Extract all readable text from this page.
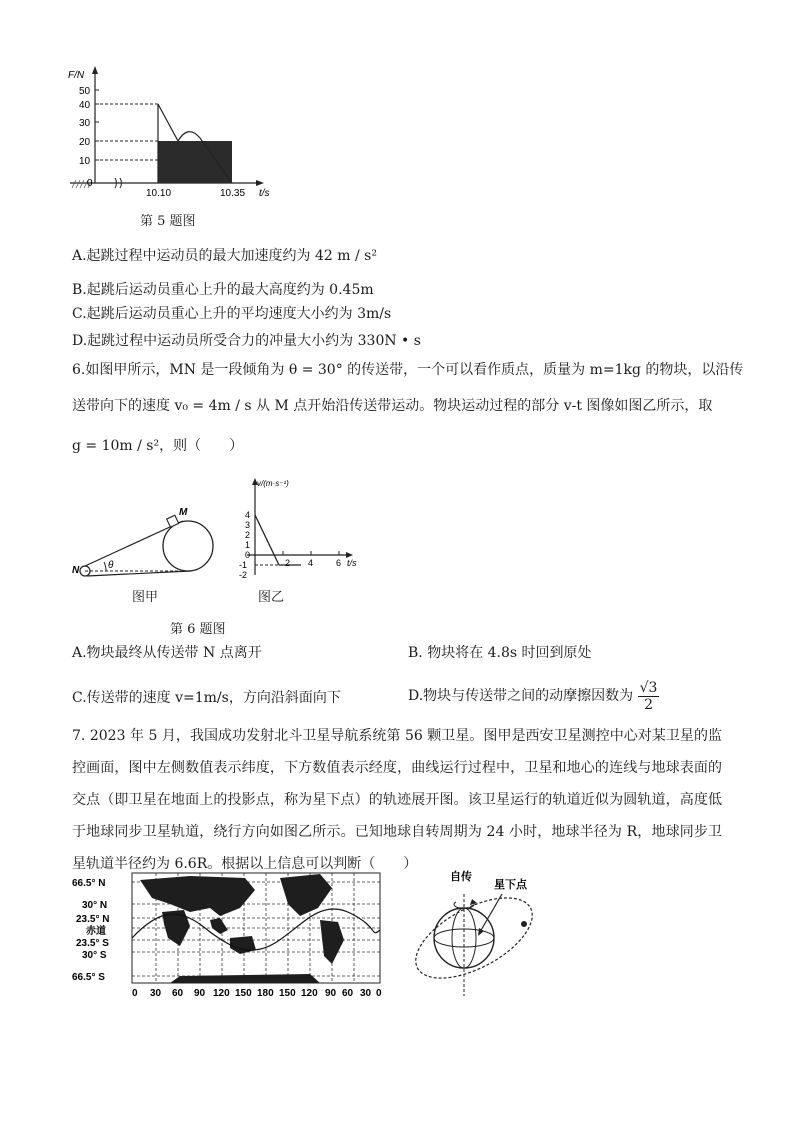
F/N
50
40
30
20
10
0
10.10	10.35 t/s
第 5 题图
A.起跳过程中运动员的最大加速度约为 42 m / s²
B.起跳后运动员重心上升的最大高度约为 0.45m
C.起跳后运动员重心上升的平均速度大小约为 3m/s
D.起跳过程中运动员所受合力的冲量大小约为 330N • s
6.如图甲所示，MN 是一段倾角为 θ = 30° 的传送带，一个可以看作质点，质量为 m=1kg 的物块，以沿传
送带向下的速度 v₀ = 4m / s 从 M 点开始沿传送带运动。物块运动过程的部分 v-t 图像如图乙所示，取
g = 10m / s²，则（　　）
θ
N
M
v/(m·s⁻¹)
4
3
2
1
0
-1
-2
2 4	6 t/s
图甲	图乙
第 6 题图
A.物块最终从传送带 N 点离开	B. 物块将在 4.8s 时回到原处
C.传送带的速度 v=1m/s，方向沿斜面向下	D.物块与传送带之间的动摩擦因数为 $\frac{√3}{2}$
7. 2023 年 5 月，我国成功发射北斗卫星导航系统第 56 颗卫星。图甲是西安卫星测控中心对某卫星的监控画面，图中左侧数值表示纬度，下方数值表示经度，曲线运行过程中，卫星和地心的连线与地球表面的交点（即卫星在地面上的投影点，称为星下点）的轨迹展开图。该卫星运行的轨道近似为圆轨道，高度低于地球同步卫星轨道，绕行方向如图乙所示。已知地球自转周期为 24 小时，地球半径为 R，地球同步卫星轨道半径约为 6.6R。根据以上信息可以判断（　　）
66.5° N
30° N
23.5° N
赤道
23.5° S
30° S
66.5° S
0 30 60 90 120 150 180 150 120 90 60 30 0
自传
星下点
